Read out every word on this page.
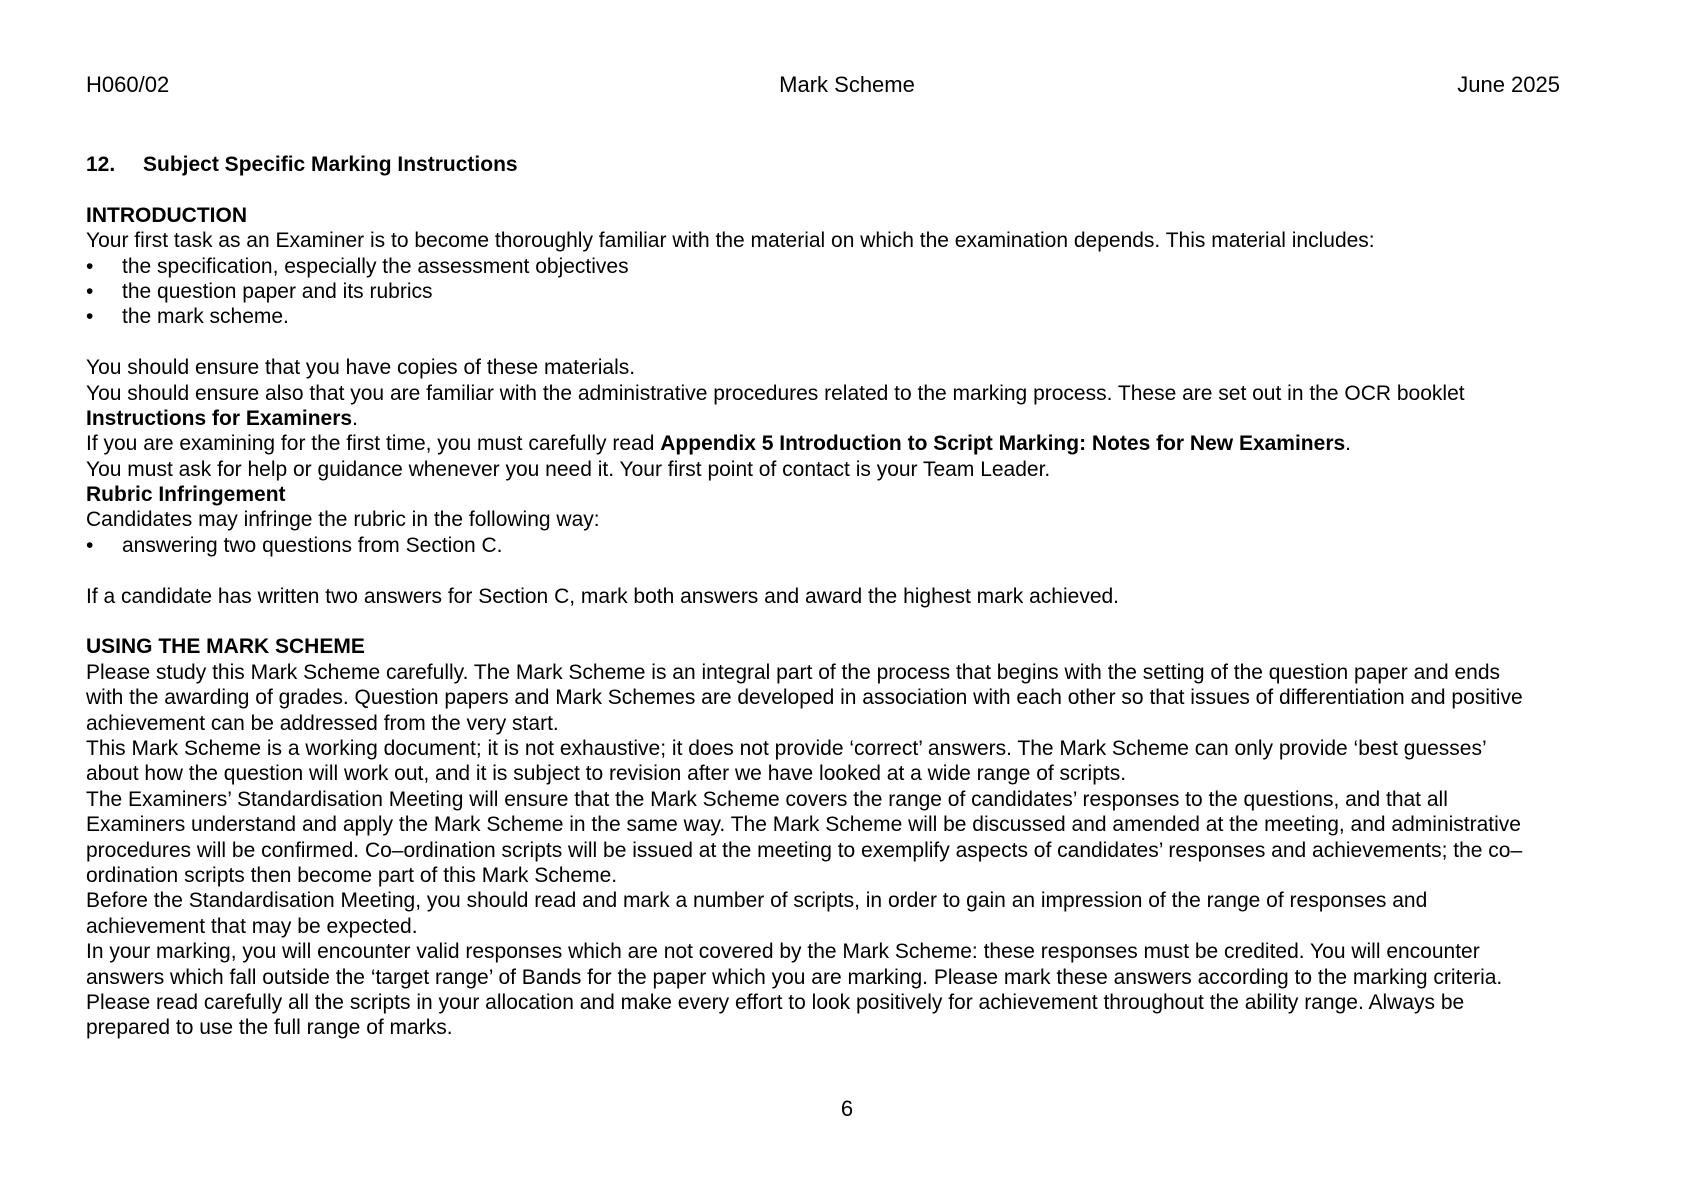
H060/02	Mark Scheme	June 2025
12. Subject Specific Marking Instructions
INTRODUCTION
Your first task as an Examiner is to become thoroughly familiar with the material on which the examination depends. This material includes:
• the specification, especially the assessment objectives
• the question paper and its rubrics
• the mark scheme.
You should ensure that you have copies of these materials.
You should ensure also that you are familiar with the administrative procedures related to the marking process. These are set out in the OCR booklet
Instructions for Examiners.
If you are examining for the first time, you must carefully read Appendix 5 Introduction to Script Marking: Notes for New Examiners.
You must ask for help or guidance whenever you need it. Your first point of contact is your Team Leader.
Rubric Infringement
Candidates may infringe the rubric in the following way:
• answering two questions from Section C.
If a candidate has written two answers for Section C, mark both answers and award the highest mark achieved.
USING THE MARK SCHEME
Please study this Mark Scheme carefully. The Mark Scheme is an integral part of the process that begins with the setting of the question paper and ends
with the awarding of grades. Question papers and Mark Schemes are developed in association with each other so that issues of differentiation and positive
achievement can be addressed from the very start.
This Mark Scheme is a working document; it is not exhaustive; it does not provide ‘correct’ answers. The Mark Scheme can only provide ‘best guesses’
about how the question will work out, and it is subject to revision after we have looked at a wide range of scripts.
The Examiners’ Standardisation Meeting will ensure that the Mark Scheme covers the range of candidates’ responses to the questions, and that all
Examiners understand and apply the Mark Scheme in the same way. The Mark Scheme will be discussed and amended at the meeting, and administrative
procedures will be confirmed. Co–ordination scripts will be issued at the meeting to exemplify aspects of candidates’ responses and achievements; the co–
ordination scripts then become part of this Mark Scheme.
Before the Standardisation Meeting, you should read and mark a number of scripts, in order to gain an impression of the range of responses and
achievement that may be expected.
In your marking, you will encounter valid responses which are not covered by the Mark Scheme: these responses must be credited. You will encounter
answers which fall outside the ‘target range’ of Bands for the paper which you are marking. Please mark these answers according to the marking criteria.
Please read carefully all the scripts in your allocation and make every effort to look positively for achievement throughout the ability range. Always be
prepared to use the full range of marks.
6
